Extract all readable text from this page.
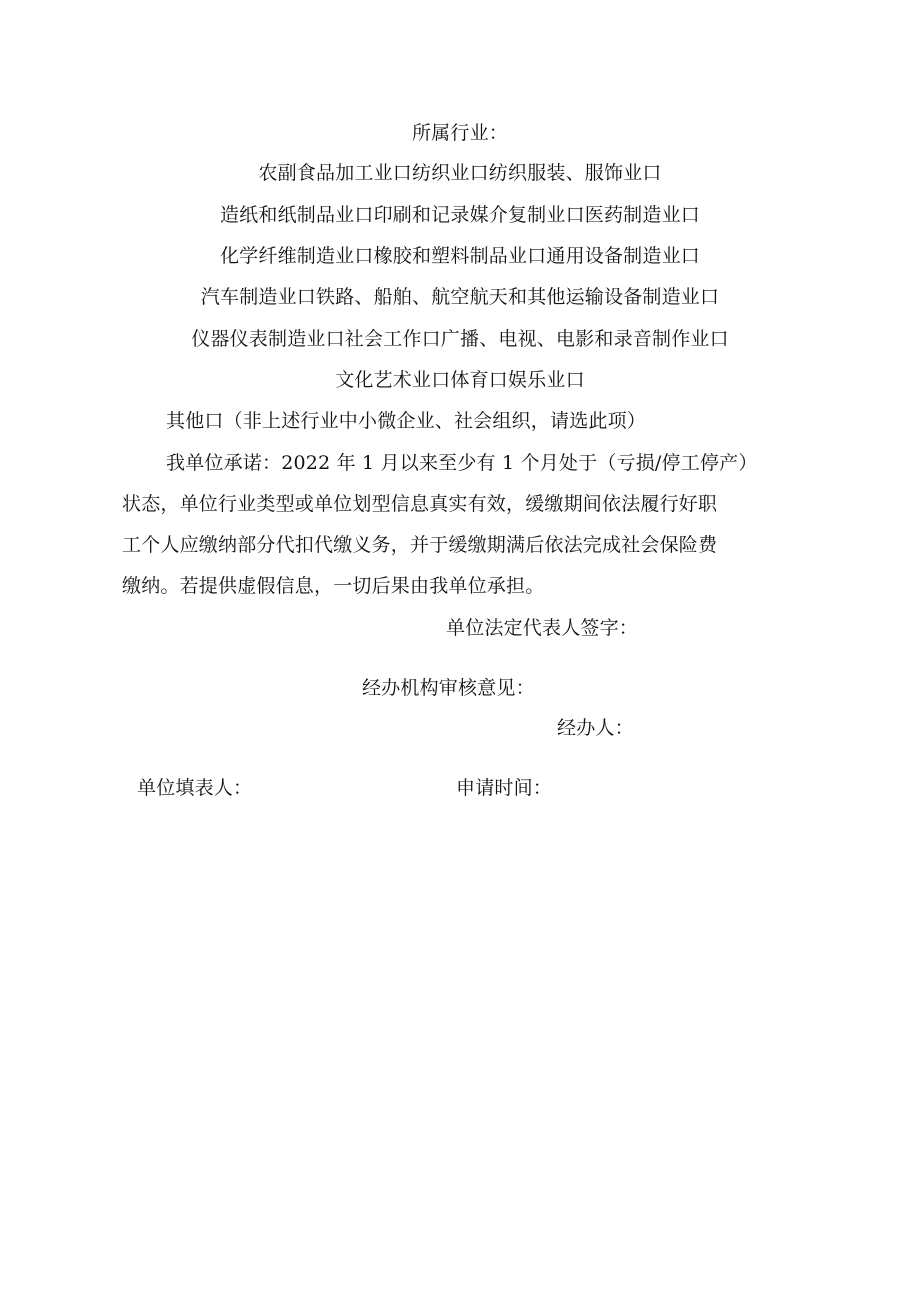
所属行业：
农副食品加工业口纺织业口纺织服装、服饰业口
造纸和纸制品业口印刷和记录媒介复制业口医药制造业口
化学纤维制造业口橡胶和塑料制品业口通用设备制造业口
汽车制造业口铁路、船舶、航空航天和其他运输设备制造业口
仪器仪表制造业口社会工作口广播、电视、电影和录音制作业口
文化艺术业口体育口娱乐业口
其他口（非上述行业中小微企业、社会组织，请选此项）
我单位承诺：2022 年 1 月以来至少有 1 个月处于（亏损/停工停产）
状态，单位行业类型或单位划型信息真实有效，缓缴期间依法履行好职
工个人应缴纳部分代扣代缴义务，并于缓缴期满后依法完成社会保险费
缴纳。若提供虚假信息，一切后果由我单位承担。
单位法定代表人签字：
经办机构审核意见：
经办人：
单位填表人：	申请时间：
